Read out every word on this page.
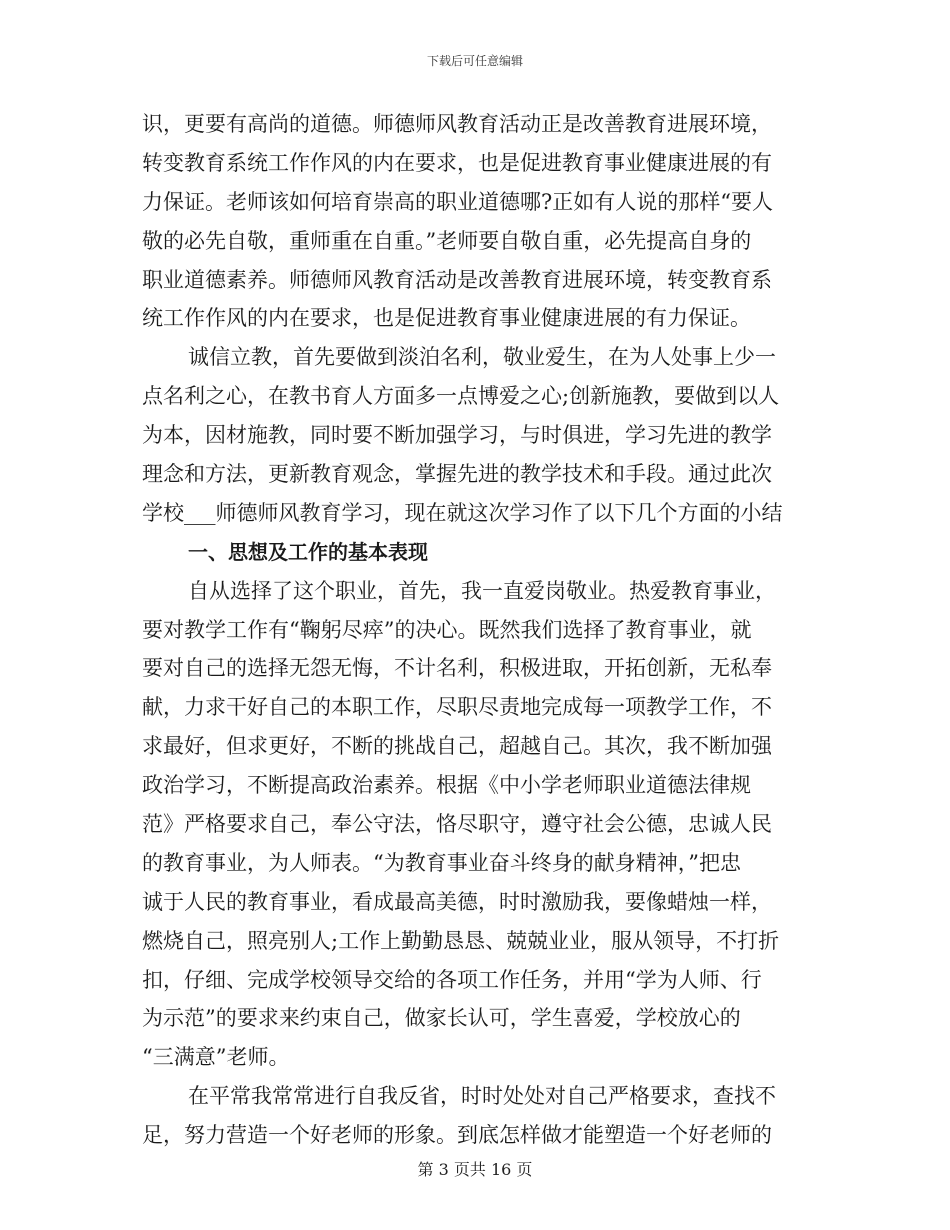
下载后可任意编辑
识，更要有高尚的道德。师德师风教育活动正是改善教育进展环境，
转变教育系统工作作风的内在要求，也是促进教育事业健康进展的有
力保证。老师该如何培育崇高的职业道德哪?正如有人说的那样“要人
敬的必先自敬，重师重在自重。”老师要自敬自重，必先提高自身的
职业道德素养。师德师风教育活动是改善教育进展环境，转变教育系
统工作作风的内在要求，也是促进教育事业健康进展的有力保证。
诚信立教，首先要做到淡泊名利，敬业爱生，在为人处事上少一
点名利之心，在教书育人方面多一点博爱之心;创新施教，要做到以人
为本，因材施教，同时要不断加强学习，与时俱进，学习先进的教学
理念和方法，更新教育观念，掌握先进的教学技术和手段。通过此次
学校___师德师风教育学习，现在就这次学习作了以下几个方面的小结
一、思想及工作的基本表现
自从选择了这个职业，首先，我一直爱岗敬业。热爱教育事业，
要对教学工作有“鞠躬尽瘁”的决心。既然我们选择了教育事业，就
要对自己的选择无怨无悔，不计名利，积极进取，开拓创新，无私奉
献，力求干好自己的本职工作，尽职尽责地完成每一项教学工作，不
求最好，但求更好，不断的挑战自己，超越自己。其次，我不断加强
政治学习，不断提高政治素养。根据《中小学老师职业道德法律规
范》严格要求自己，奉公守法，恪尽职守，遵守社会公德，忠诚人民
的教育事业，为人师表。“为教育事业奋斗终身的献身精神，”把忠
诚于人民的教育事业，看成最高美德，时时激励我，要像蜡烛一样，
燃烧自己，照亮别人;工作上勤勤恳恳、兢兢业业，服从领导，不打折
扣，仔细、完成学校领导交给的各项工作任务，并用“学为人师、行
为示范”的要求来约束自己，做家长认可，学生喜爱，学校放心的
“三满意”老师。
在平常我常常进行自我反省，时时处处对自己严格要求，查找不
足，努力营造一个好老师的形象。到底怎样做才能塑造一个好老师的
第 3 页共 16 页
